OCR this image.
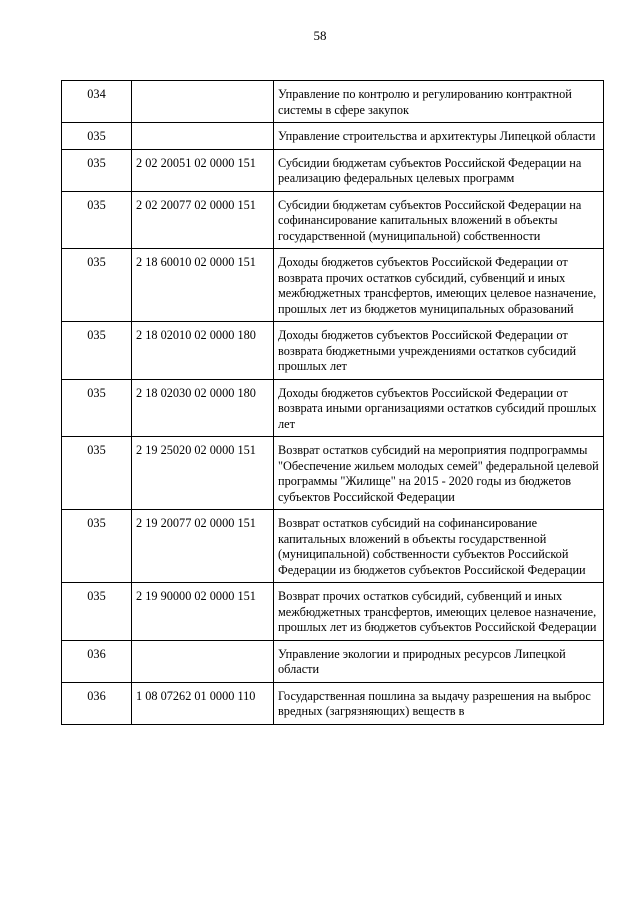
58
034		Управление по контролю и регулированию контрактной системы в сфере закупок
035		Управление строительства и архитектуры Липецкой области
035	2 02 20051 02 0000 151	Субсидии бюджетам субъектов Российской Федерации на реализацию федеральных целевых программ
035	2 02 20077 02 0000 151	Субсидии бюджетам субъектов Российской Федерации на софинансирование капитальных вложений в объекты государственной (муниципальной) собственности
035	2 18 60010 02 0000 151	Доходы бюджетов субъектов Российской Федерации от возврата прочих остатков субсидий, субвенций и иных межбюджетных трансфертов, имеющих целевое назначение, прошлых лет из бюджетов муниципальных образований
035	2 18 02010 02 0000 180	Доходы бюджетов субъектов Российской Федерации от возврата бюджетными учреждениями остатков субсидий прошлых лет
035	2 18 02030 02 0000 180	Доходы бюджетов субъектов Российской Федерации от возврата иными организациями остатков субсидий прошлых лет
035	2 19 25020 02 0000 151	Возврат остатков субсидий на мероприятия подпрограммы "Обеспечение жильем молодых семей" федеральной целевой программы "Жилище" на 2015 - 2020 годы из бюджетов субъектов Российской Федерации
035	2 19 20077 02 0000 151	Возврат остатков субсидий на софинансирование капитальных вложений в объекты государственной (муниципальной) собственности субъектов Российской Федерации из бюджетов субъектов Российской Федерации
035	2 19 90000 02 0000 151	Возврат прочих остатков субсидий, субвенций и иных межбюджетных трансфертов, имеющих целевое назначение, прошлых лет из бюджетов субъектов Российской Федерации
036		Управление экологии и природных ресурсов Липецкой области
036	1 08 07262 01 0000 110	Государственная пошлина за выдачу разрешения на выброс вредных (загрязняющих) веществ в
